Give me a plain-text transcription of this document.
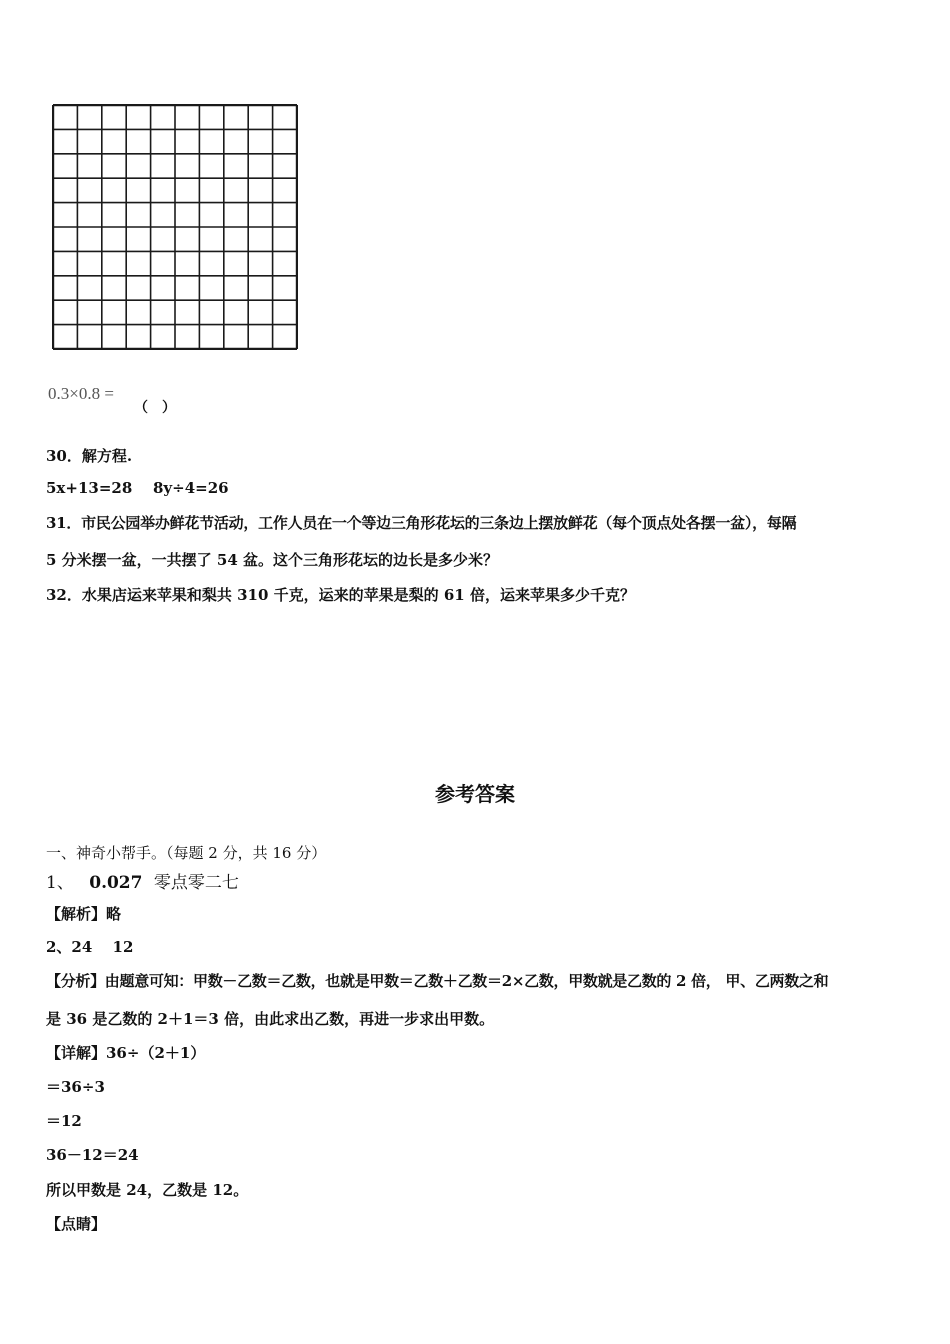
0.3×0.8 =
（　）
30．解方程.
5x+13=28 8y÷4=26
31．市民公园举办鲜花节活动，工作人员在一个等边三角形花坛的三条边上摆放鲜花（每个顶点处各摆一盆），每隔
5 分米摆一盆，一共摆了 54 盆。这个三角形花坛的边长是多少米？
32．水果店运来苹果和梨共 310 千克，运来的苹果是梨的 61 倍，运来苹果多少千克？
参考答案
一、神奇小帮手。（每题 2 分，共 16 分）
1、 0.027 零点零二七
【解析】略
2、24　 12
【分析】由题意可知：甲数－乙数＝乙数，也就是甲数＝乙数＋乙数＝2×乙数，甲数就是乙数的 2 倍， 甲、乙两数之和
是 36 是乙数的 2＋1＝3 倍，由此求出乙数，再进一步求出甲数。
【详解】36÷（2＋1）
＝36÷3
＝12
36－12＝24
所以甲数是 24，乙数是 12。
【点睛】
